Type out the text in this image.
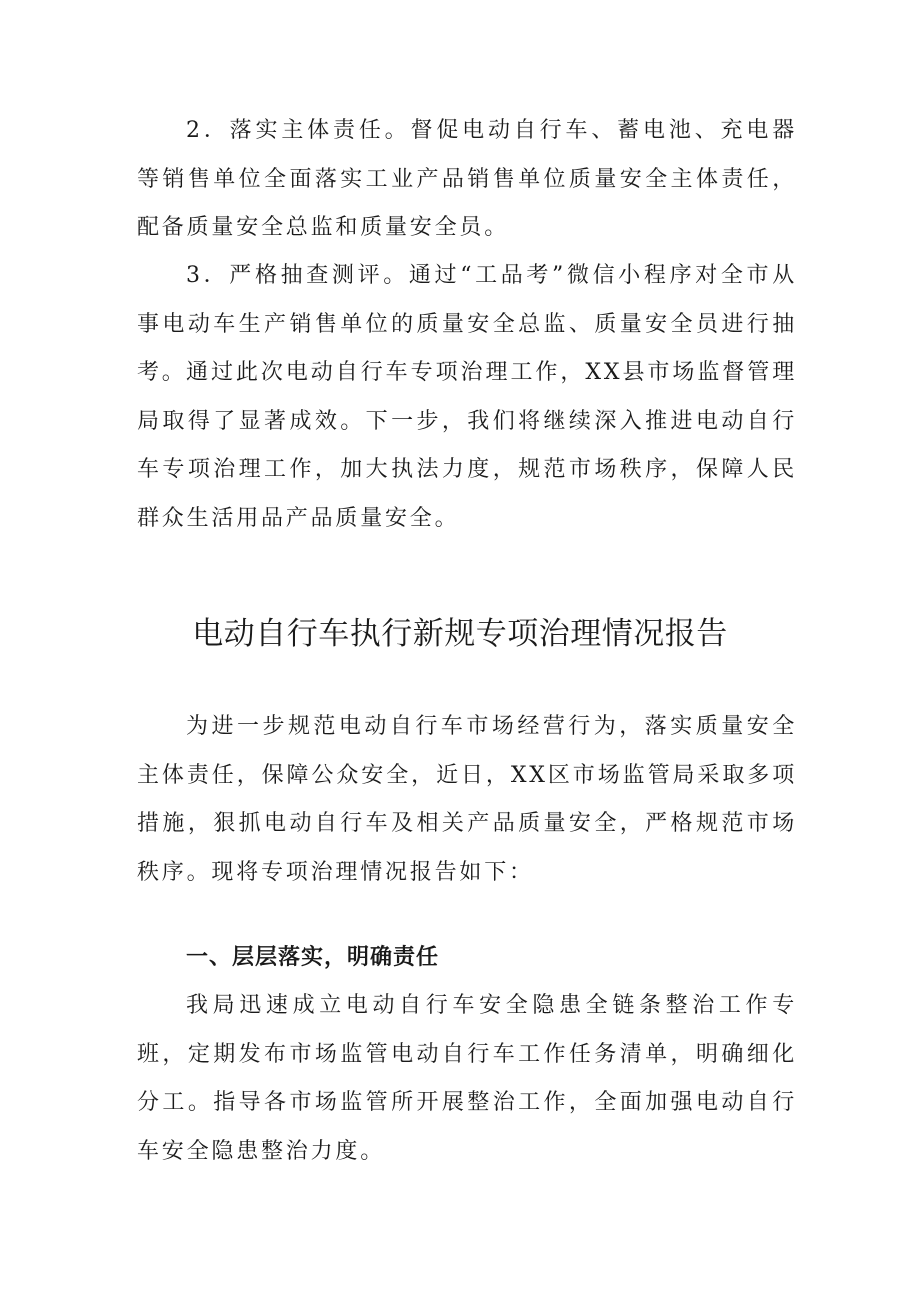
2．落实主体责任。督促电动自行车、蓄电池、充电器等销售单位全面落实工业产品销售单位质量安全主体责任，配备质量安全总监和质量安全员。

3．严格抽查测评。通过“工品考”微信小程序对全市从事电动车生产销售单位的质量安全总监、质量安全员进行抽考。 通过此次电动自行车专项治理工作，XX县市场监督管理局取得了显著成效。下一步，我们将继续深入推进电动自行车专项治理工作，加大执法力度，规范市场秩序，保障人民群众生活用品产品质量安全。

电动自行车执行新规专项治理情况报告

为进一步规范电动自行车市场经营行为，落实质量安全主体责任，保障公众安全，近日，XX区市场监管局采取多项措施，狠抓电动自行车及相关产品质量安全，严格规范市场秩序。现将专项治理情况报告如下：

一、层层落实，明确责任

我局迅速成立电动自行车安全隐患全链条整治工作专班，定期发布市场监管电动自行车工作任务清单，明确细化分工。指导各市场监管所开展整治工作，全面加强电动自行车安全隐患整治力度。
